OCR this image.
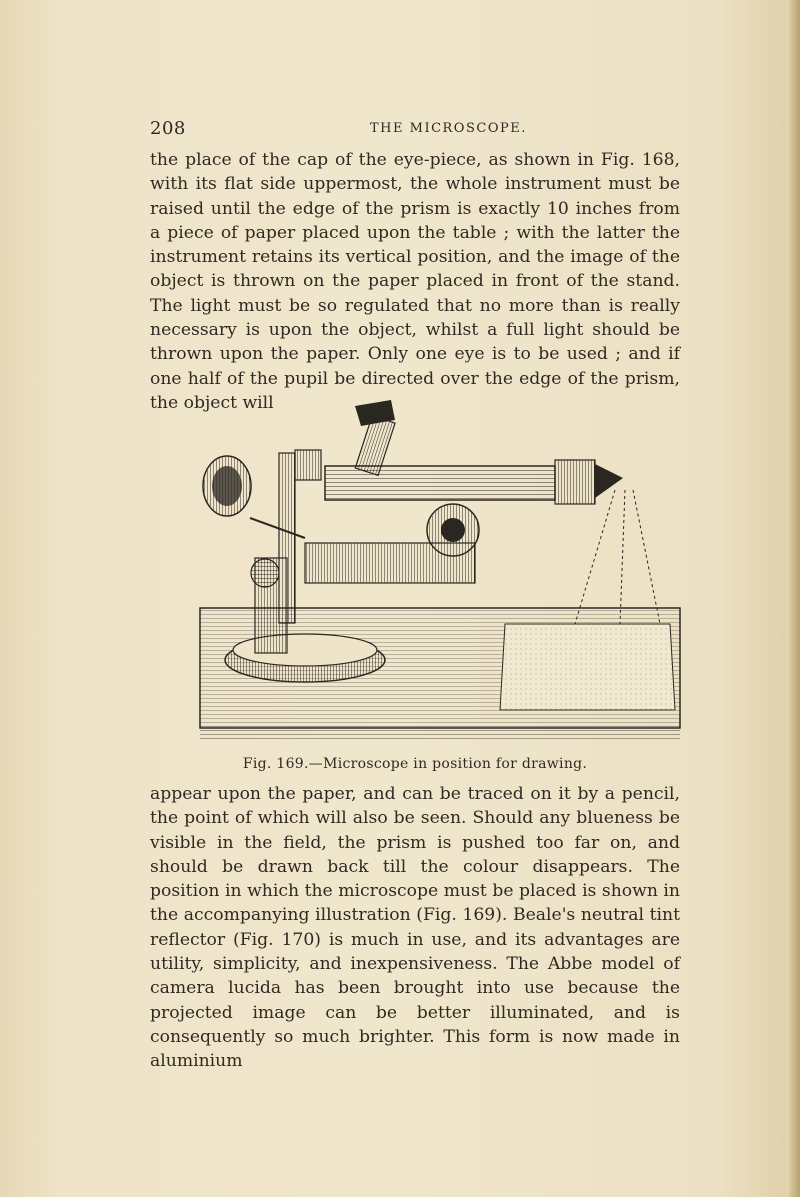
208	THE MICROSCOPE.

the place of the cap of the eye-piece, as shown in Fig. 168, with its flat side uppermost, the whole instrument must be raised until the edge of the prism is exactly 10 inches from a piece of paper placed upon the table ; with the latter the instrument retains its vertical position, and the image of the object is thrown on the paper placed in front of the stand. The light must be so regulated that no more than is really necessary is upon the object, whilst a full light should be thrown upon the paper. Only one eye is to be used ; and if one half of the pupil be directed over the edge of the prism, the object will

Fig. 169.—Microscope in position for drawing.

appear upon the paper, and can be traced on it by a pencil, the point of which will also be seen. Should any blueness be visible in the field, the prism is pushed too far on, and should be drawn back till the colour disappears. The position in which the microscope must be placed is shown in the accompanying illustration (Fig. 169). Beale's neutral tint reflector (Fig. 170) is much in use, and its advantages are utility, simplicity, and inexpensiveness. The Abbe model of camera lucida has been brought into use because the projected image can be better illuminated, and is consequently so much brighter. This form is now made in aluminium
